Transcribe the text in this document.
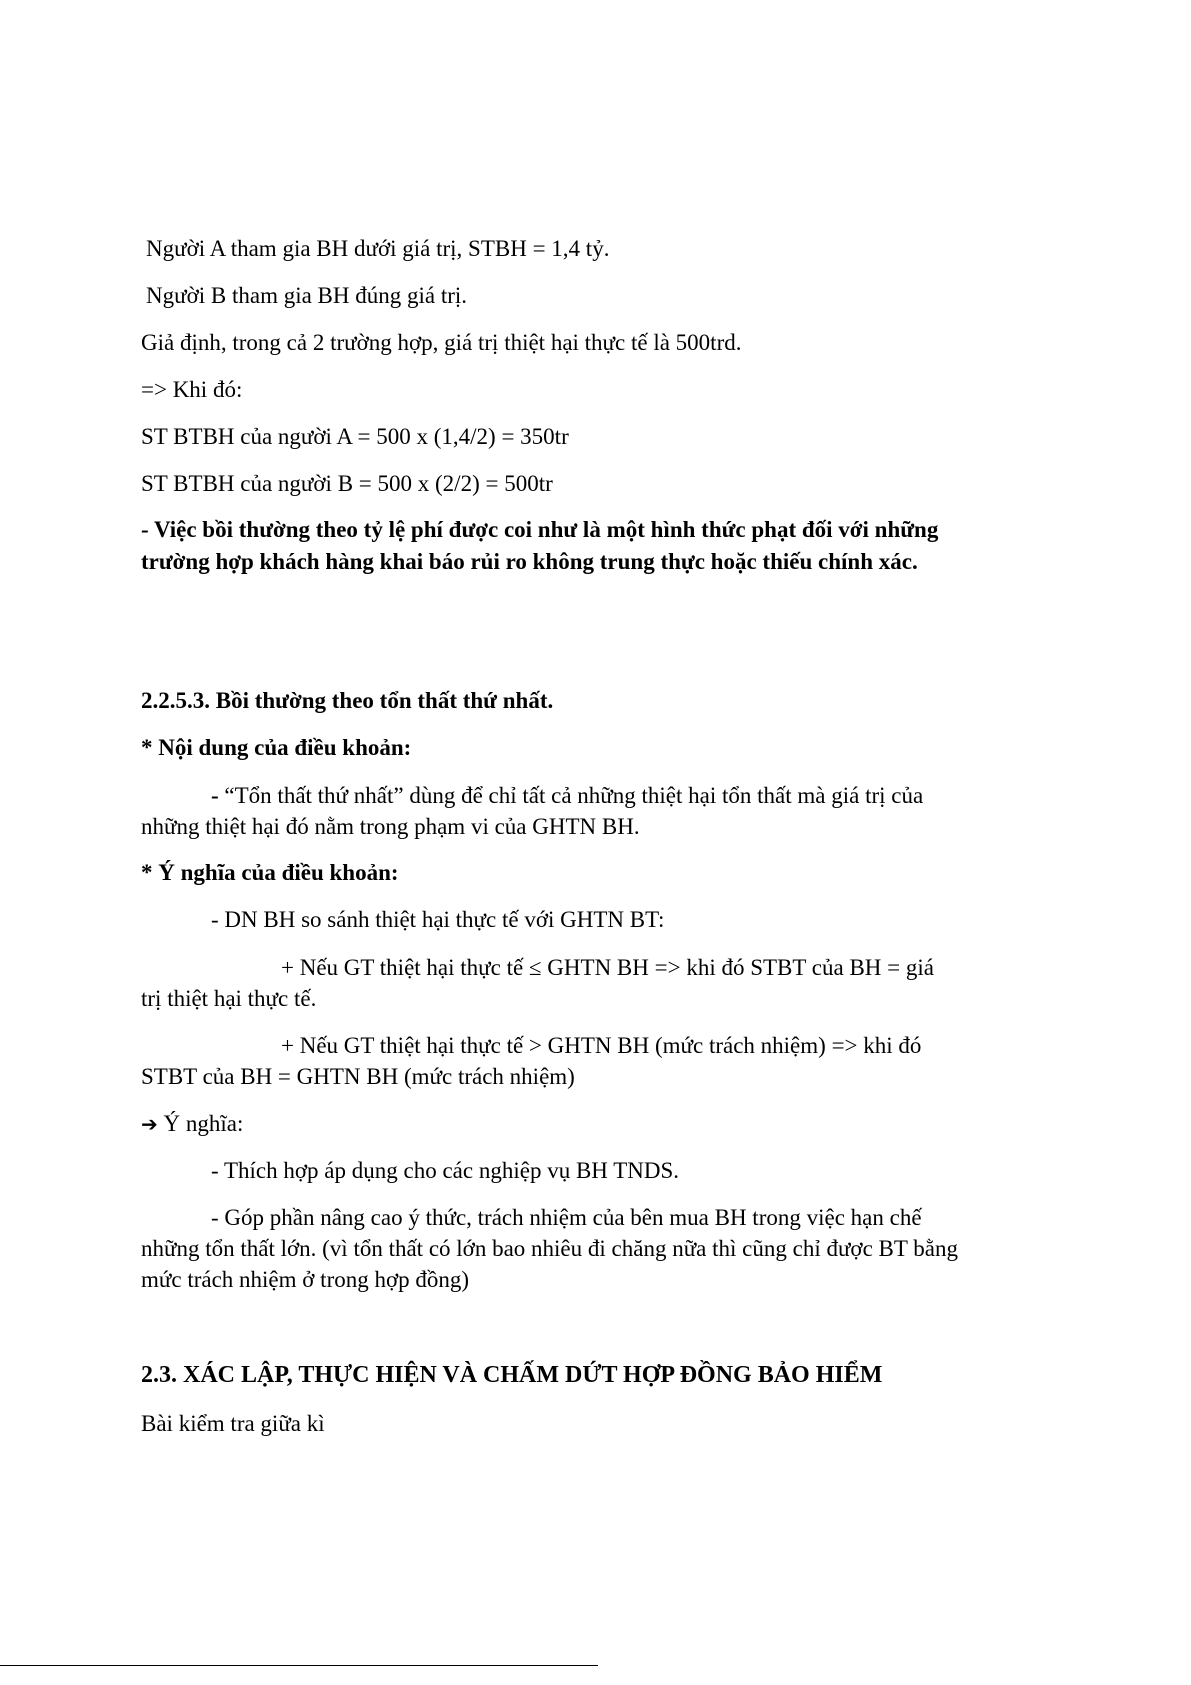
Người A tham gia BH dưới giá trị, STBH = 1,4 tỷ.
Người B tham gia BH đúng giá trị.
Giả định, trong cả 2 trường hợp, giá trị thiệt hại thực tế là 500trd.
=> Khi đó:
ST BTBH của người A = 500 x (1,4/2) = 350tr
ST BTBH của người B = 500 x (2/2) = 500tr
- Việc bồi thường theo tỷ lệ phí được coi như là một hình thức phạt đối với những
trường hợp khách hàng khai báo rủi ro không trung thực hoặc thiếu chính xác.
2.2.5.3. Bồi thường theo tổn thất thứ nhất.
* Nội dung của điều khoản:
- “Tổn thất thứ nhất” dùng để chỉ tất cả những thiệt hại tổn thất mà giá trị của
những thiệt hại đó nằm trong phạm vi của GHTN BH.
* Ý nghĩa của điều khoản:
- DN BH so sánh thiệt hại thực tế với GHTN BT:
+ Nếu GT thiệt hại thực tế ≤ GHTN BH => khi đó STBT của BH = giá
trị thiệt hại thực tế.
+ Nếu GT thiệt hại thực tế > GHTN BH (mức trách nhiệm) => khi đó
STBT của BH = GHTN BH (mức trách nhiệm)
➔ Ý nghĩa:
- Thích hợp áp dụng cho các nghiệp vụ BH TNDS.
- Góp phần nâng cao ý thức, trách nhiệm của bên mua BH trong việc hạn chế
những tổn thất lớn. (vì tổn thất có lớn bao nhiêu đi chăng nữa thì cũng chỉ được BT bằng
mức trách nhiệm ở trong hợp đồng)
2.3. XÁC LẬP, THỰC HIỆN VÀ CHẤM DỨT HỢP ĐỒNG BẢO HIỂM
Bài kiểm tra giữa kì
